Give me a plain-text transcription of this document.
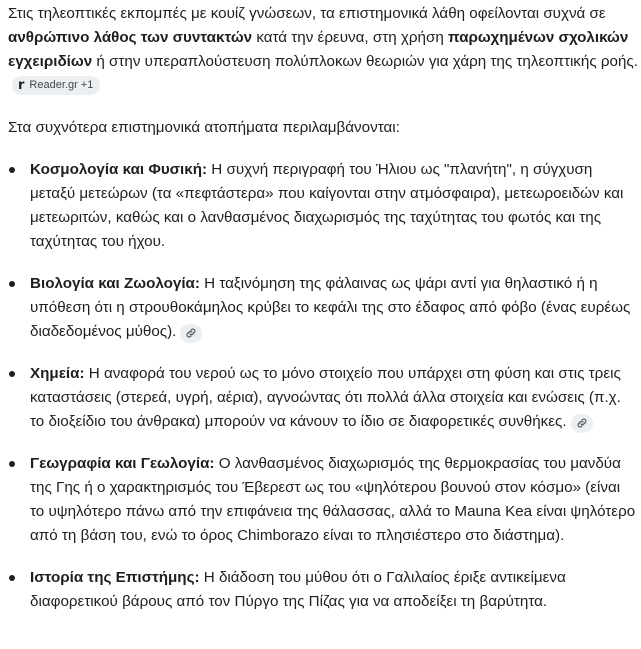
Στις τηλεοπτικές εκπομπές με κουίζ γνώσεων, τα επιστημονικά λάθη οφείλονται συχνά σε ανθρώπινο λάθος των συντακτών κατά την έρευνα, στη χρήση παρωχημένων σχολικών εγχειριδίων ή στην υπεραπλούστευση πολύπλοκων θεωριών για χάρη της τηλεοπτικής ροής.
r Reader.gr +1

Στα συχνότερα επιστημονικά ατοπήματα περιλαμβάνονται:

Κοσμολογία και Φυσική: Η συχνή περιγραφή του Ήλιου ως "πλανήτη", η σύγχυση μεταξύ μετεώρων (τα «πεφτάστερα» που καίγονται στην ατμόσφαιρα), μετεωροειδών και μετεωριτών, καθώς και ο λανθασμένος διαχωρισμός της ταχύτητας του φωτός και της ταχύτητας του ήχου.
Βιολογία και Ζωολογία: Η ταξινόμηση της φάλαινας ως ψάρι αντί για θηλαστικό ή η υπόθεση ότι η στρουθοκάμηλος κρύβει το κεφάλι της στο έδαφος από φόβο (ένας ευρέως διαδεδομένος μύθος).
Χημεία: Η αναφορά του νερού ως το μόνο στοιχείο που υπάρχει στη φύση και στις τρεις καταστάσεις (στερεά, υγρή, αέρια), αγνοώντας ότι πολλά άλλα στοιχεία και ενώσεις (π.χ. το διοξείδιο του άνθρακα) μπορούν να κάνουν το ίδιο σε διαφορετικές συνθήκες.
Γεωγραφία και Γεωλογία: Ο λανθασμένος διαχωρισμός της θερμοκρασίας του μανδύα της Γης ή ο χαρακτηρισμός του Έβερεστ ως του «ψηλότερου βουνού στον κόσμο» (είναι το υψηλότερο πάνω από την επιφάνεια της θάλασσας, αλλά το Mauna Kea είναι ψηλότερο από τη βάση του, ενώ το όρος Chimborazo είναι το πλησιέστερο στο διάστημα).
Ιστορία της Επιστήμης: Η διάδοση του μύθου ότι ο Γαλιλαίος έριξε αντικείμενα διαφορετικού βάρους από τον Πύργο της Πίζας για να αποδείξει τη βαρύτητα.
